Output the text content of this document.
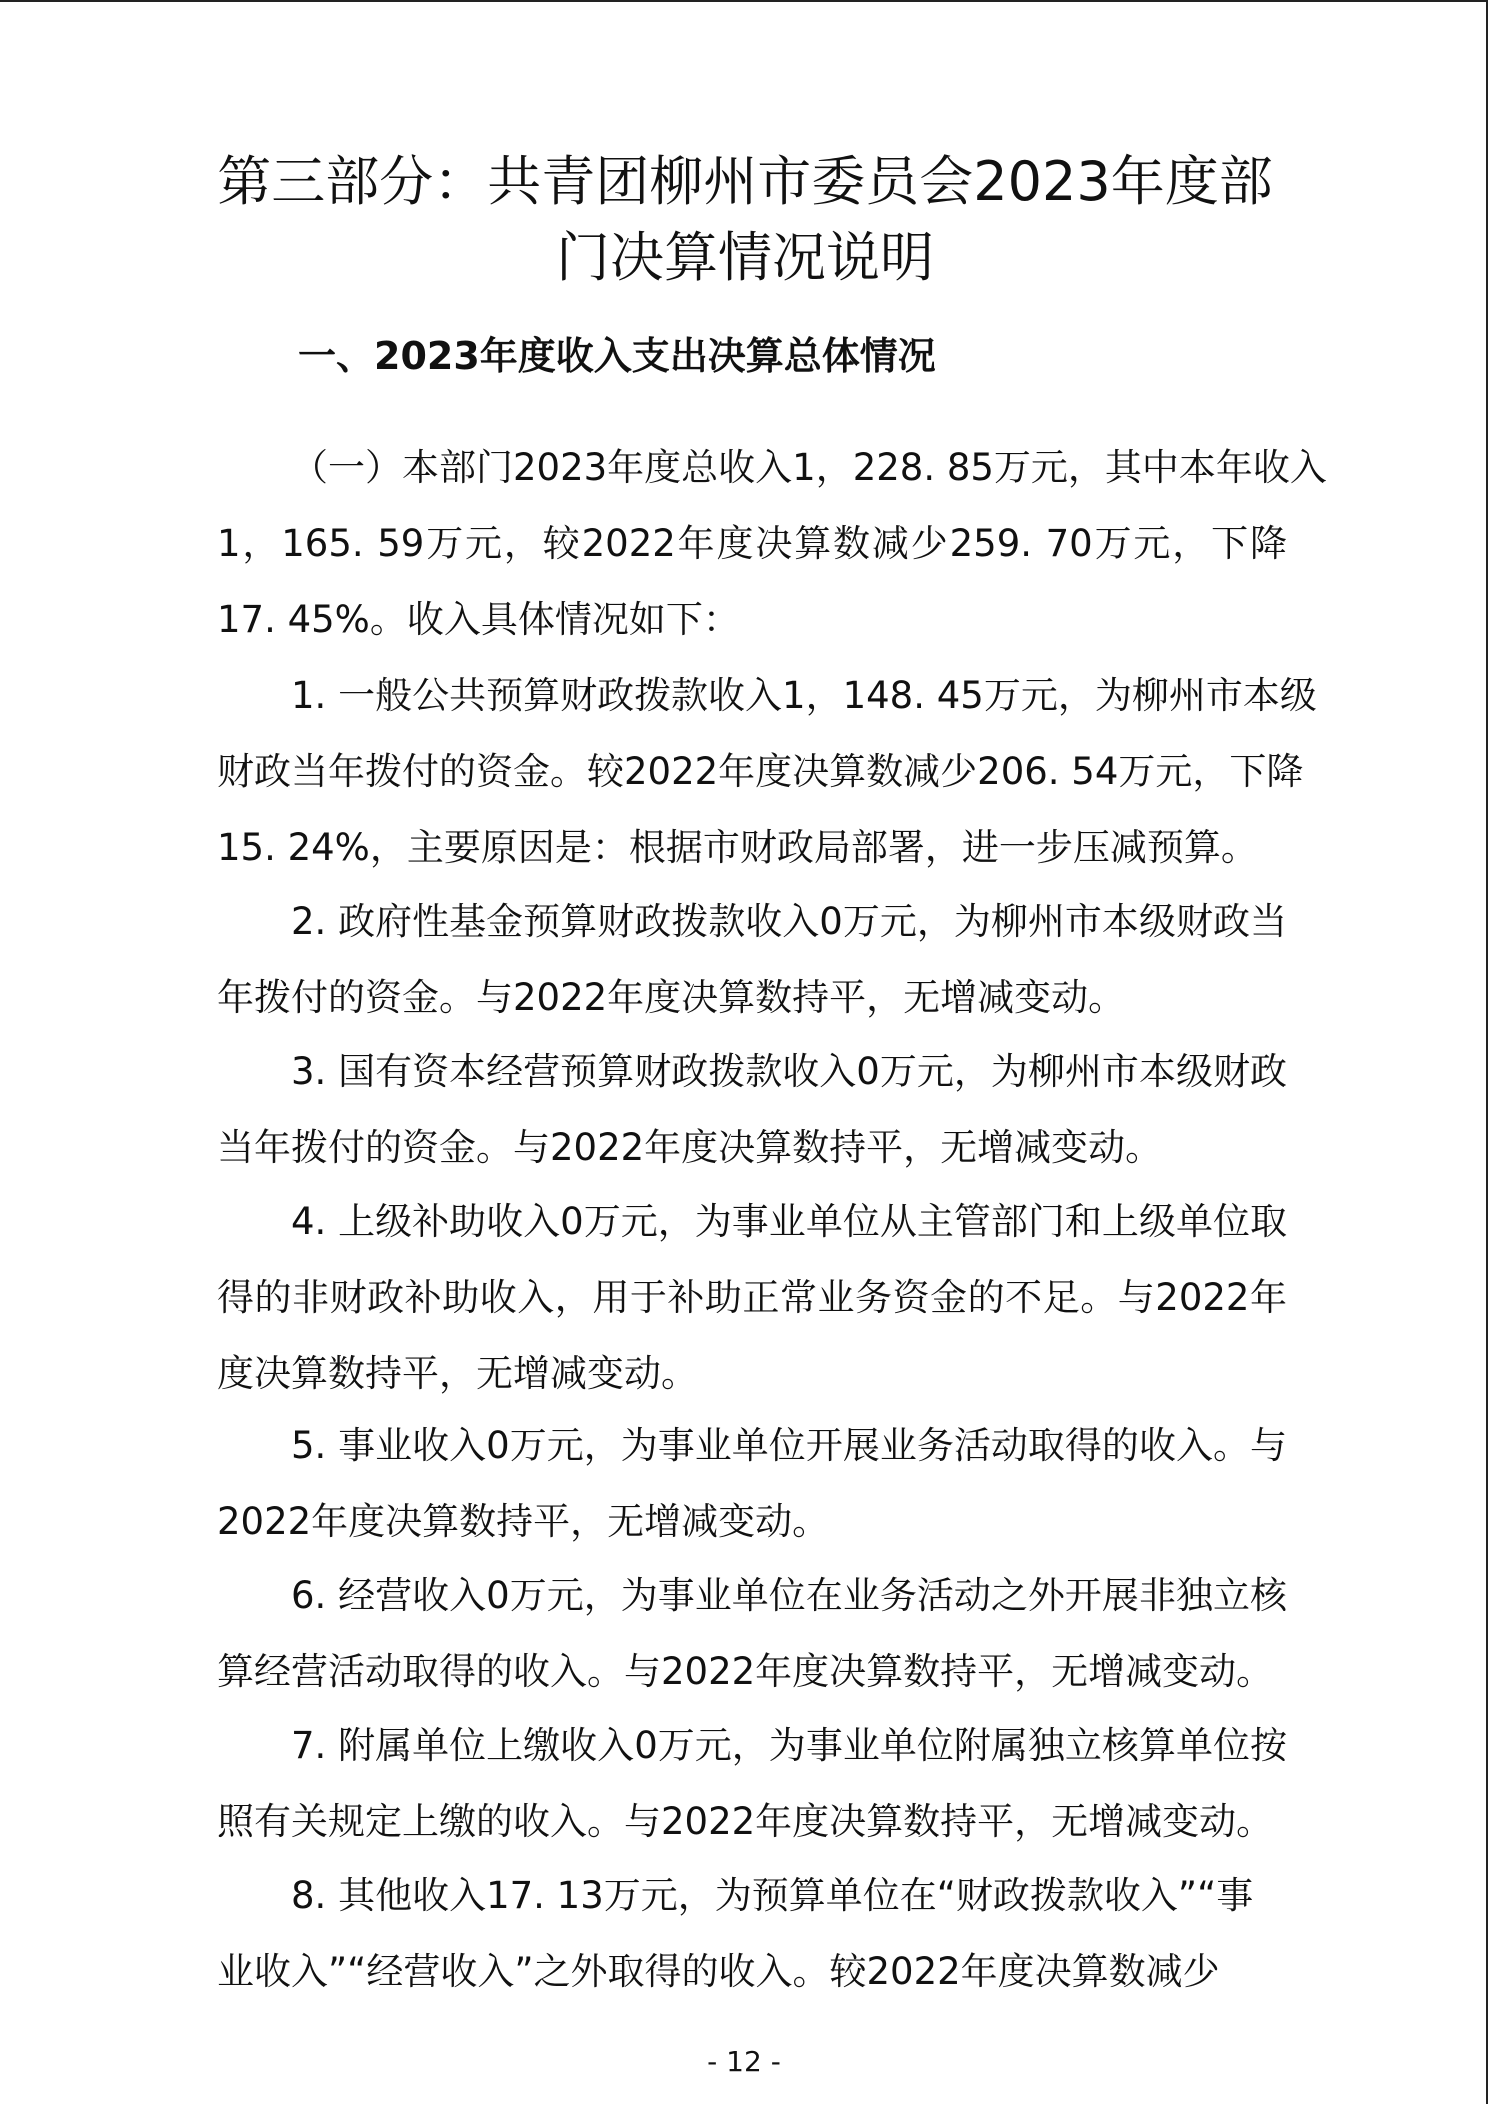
第三部分：共青团柳州市委员会2023年度部
门决算情况说明
一、2023年度收入支出决算总体情况

（一）本部门2023年度总收入1，228. 85万元，其中本年收入
1，165. 59万元，较2022年度决算数减少259. 70万元，下降
17. 45%。收入具体情况如下：

1. 一般公共预算财政拨款收入1，148. 45万元，为柳州市本级
财政当年拨付的资金。较2022年度决算数减少206. 54万元，下降
15. 24%，主要原因是：根据市财政局部署，进一步压减预算。

2. 政府性基金预算财政拨款收入0万元，为柳州市本级财政当
年拨付的资金。与2022年度决算数持平，无增减变动。

3. 国有资本经营预算财政拨款收入0万元，为柳州市本级财政
当年拨付的资金。与2022年度决算数持平，无增减变动。

4. 上级补助收入0万元，为事业单位从主管部门和上级单位取
得的非财政补助收入，用于补助正常业务资金的不足。与2022年
度决算数持平，无增减变动。

5. 事业收入0万元，为事业单位开展业务活动取得的收入。与
2022年度决算数持平，无增减变动。

6. 经营收入0万元，为事业单位在业务活动之外开展非独立核
算经营活动取得的收入。与2022年度决算数持平，无增减变动。

7. 附属单位上缴收入0万元，为事业单位附属独立核算单位按
照有关规定上缴的收入。与2022年度决算数持平，无增减变动。

8. 其他收入17. 13万元，为预算单位在“财政拨款收入”“事
业收入”“经营收入”之外取得的收入。较2022年度决算数减少

- 12 -
